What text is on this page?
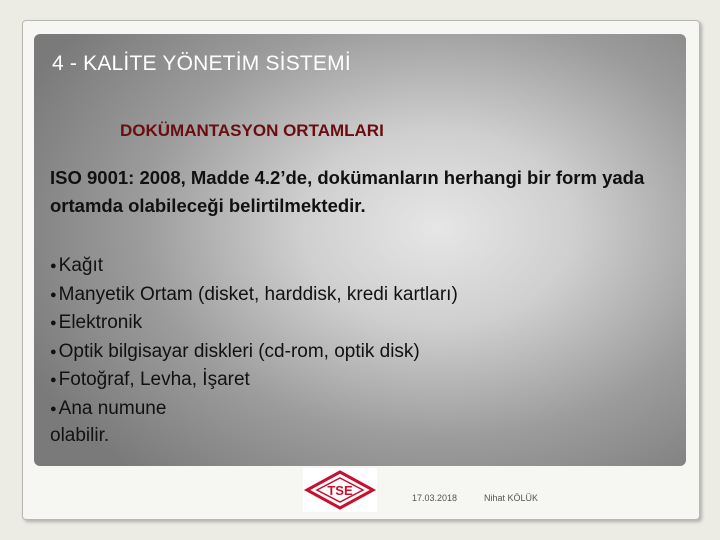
4 - KALİTE YÖNETİM SİSTEMİ
DOKÜMANTASYON ORTAMLARI
ISO 9001: 2008, Madde 4.2’de, dokümanların herhangi bir form yada ortamda olabileceği belirtilmektedir.
● Kağıt
● Manyetik Ortam (disket, harddisk, kredi kartları)
● Elektronik
● Optik bilgisayar diskleri (cd-rom, optik disk)
● Fotoğraf, Levha, İşaret
● Ana numune
olabilir.
TSE	17.03.2018	Nihat KÖLÜK
